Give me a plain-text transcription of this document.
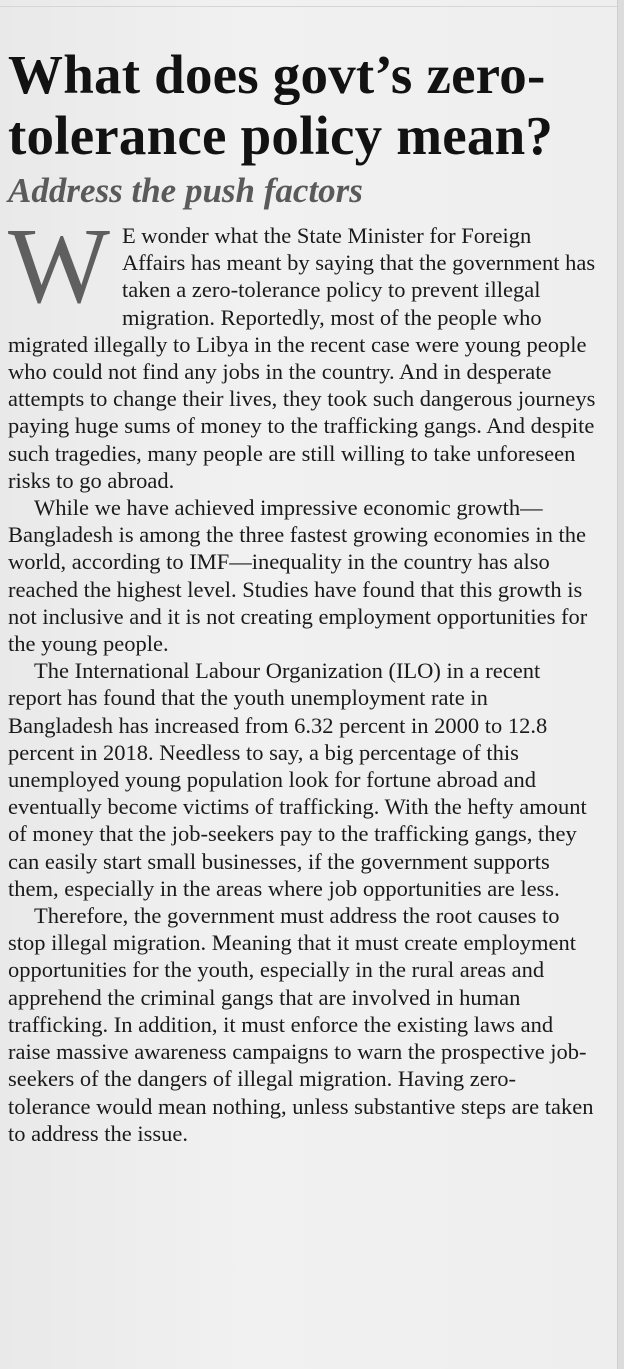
What does govt’s zero-tolerance policy mean?
Address the push factors

W E wonder what the State Minister for Foreign Affairs has meant by saying that the government has taken a zero-tolerance policy to prevent illegal migration. Reportedly, most of the people who migrated illegally to Libya in the recent case were young people who could not find any jobs in the country. And in desperate attempts to change their lives, they took such dangerous journeys paying huge sums of money to the trafficking gangs. And despite such tragedies, many people are still willing to take unforeseen risks to go abroad.

While we have achieved impressive economic growth—Bangladesh is among the three fastest growing economies in the world, according to IMF—inequality in the country has also reached the highest level. Studies have found that this growth is not inclusive and it is not creating employment opportunities for the young people.

The International Labour Organization (ILO) in a recent report has found that the youth unemployment rate in Bangladesh has increased from 6.32 percent in 2000 to 12.8 percent in 2018. Needless to say, a big percentage of this unemployed young population look for fortune abroad and eventually become victims of trafficking. With the hefty amount of money that the job-seekers pay to the trafficking gangs, they can easily start small businesses, if the government supports them, especially in the areas where job opportunities are less.

Therefore, the government must address the root causes to stop illegal migration. Meaning that it must create employment opportunities for the youth, especially in the rural areas and apprehend the criminal gangs that are involved in human trafficking. In addition, it must enforce the existing laws and raise massive awareness campaigns to warn the prospective job-seekers of the dangers of illegal migration. Having zero-tolerance would mean nothing, unless substantive steps are taken to address the issue.
